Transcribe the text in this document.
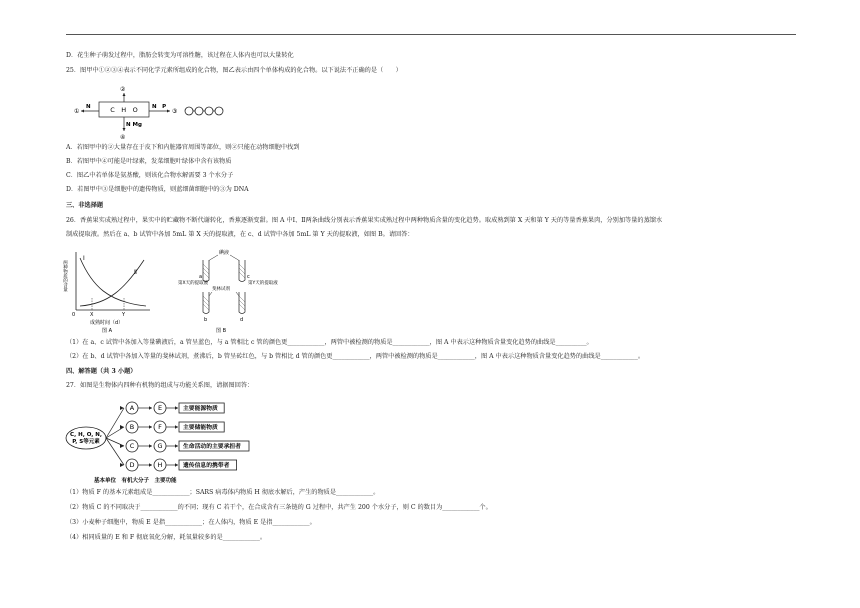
D．花生种子萌发过程中，脂肪会转变为可溶性糖，该过程在人体内也可以大量转化
25．图甲中①②③④表示不同化学元素所组成的化合物，图乙表示由四个单体构成的化合物。以下说法不正确的是（　　）
①
N	C　H　O
②
N　P
③
N Mg
④
A．若图甲中的②大量存在于皮下和内脏器官周围等部位，则②只能在动物细胞中找到
B．若图甲中④可能是叶绿素，发菜细胞叶绿体中含有该物质
C．图乙中若单体是氨基酸，则该化合物水解需要 3 个水分子
D．若图甲中③是细胞中的遗传物质，则蓝细菌细胞中的③为 DNA
三、非选择题
26．香蕉果实成熟过程中，果实中的贮藏物不断代谢转化，香蕉逐渐变甜。图 A 中Ⅰ、Ⅱ两条曲线分别表示香蕉果实成熟过程中两种物质含量的变化趋势。取成熟到第 X 天和第 Y 天的等量香蕉果肉，分别加等量的蒸馏水
制成提取液。然后在 a、b 试管中各加 5mL 第 X 天的提取液，在 c、d 试管中各加 5mL 第 Y 天的提取液，如图 B。请回答：
两种物质的含量
Ⅰ
Ⅱ
0	X	Y
成熟时间（d）
图 A
碘液
第X天的提取液	第Y天的提取液
斐林试剂
a
b
c
d
图 B
（1）在 a、c 试管中各加入等量碘液后，a 管呈蓝色，与 a 管相比 c 管的颜色更____________，两管中被检测的物质是____________，图 A 中表示这种物质含量变化趋势的曲线是__________。
（2）在 b、d 试管中各加入等量的斐林试剂，煮沸后，b 管呈砖红色，与 b 管相比 d 管的颜色更____________，两管中被检测的物质是____________，图 A 中表示这种物质含量变化趋势的曲线是____________。
四、解答题（共 3 小题）
27．如图是生物体内四种有机物的组成与功能关系图，请据图回答：
C, H, O, N,
P, S等元素
A	E	主要能源物质
B	F	主要储能物质
C	G	生命活动的主要承担者
D	H	遗传信息的携带者
基本单位　有机大分子　主要功能
（1）物质 F 的基本元素组成是____________；SARS 病毒体内物质 H 彻底水解后，产生的物质是____________。
（2）物质 C 的不同取决于____________的不同；现有 C 若干个，在合成含有三条链的 G 过程中，共产生 200 个水分子，则 C 的数目为____________个。
（3）小麦种子细胞中，物质 E 是指____________；在人体内，物质 E 是指____________。
（4）相同质量的 E 和 F 彻底氧化分解，耗氧量较多的是____________。
